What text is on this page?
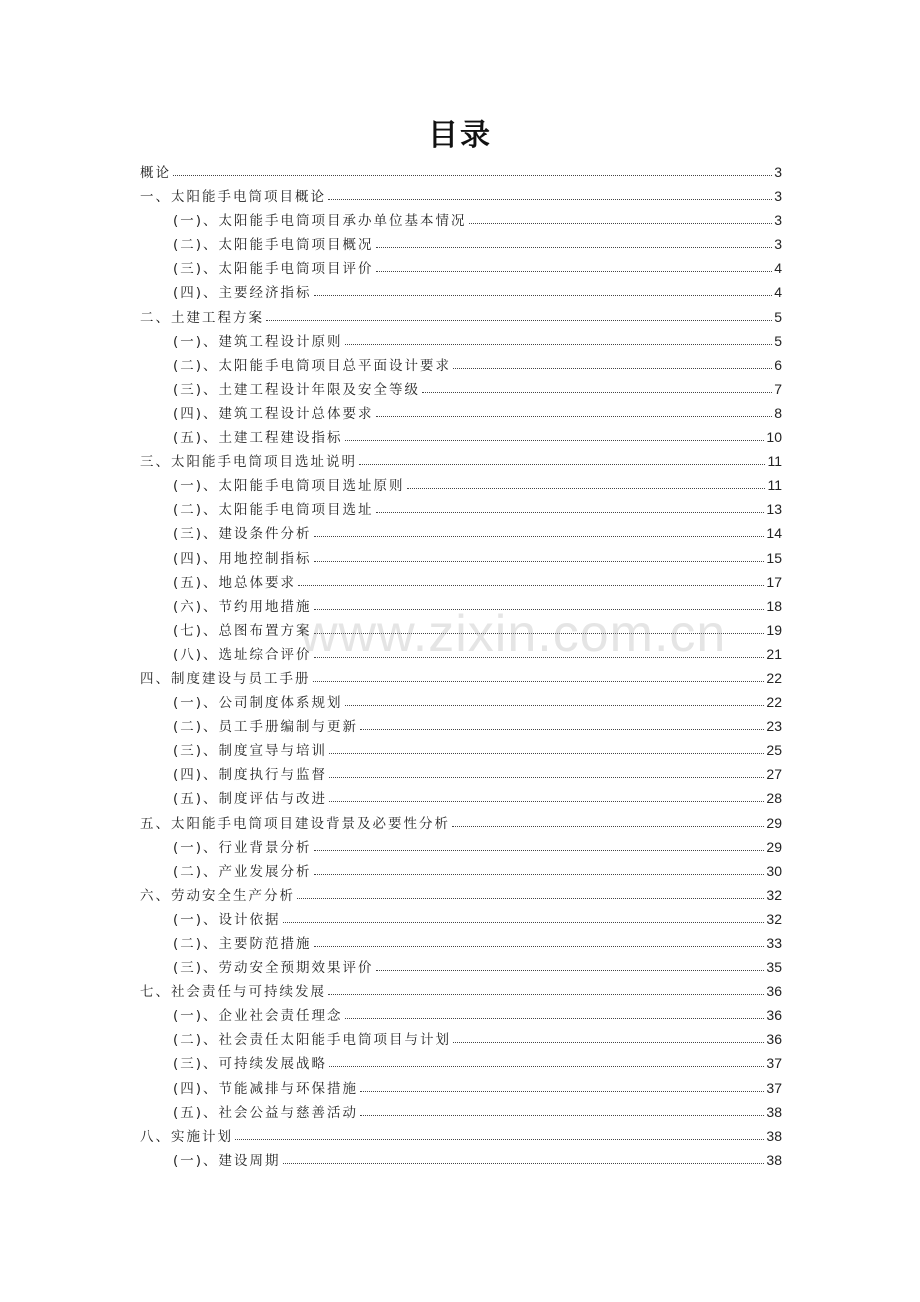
目录
概论	3
一、太阳能手电筒项目概论	3
(一)、太阳能手电筒项目承办单位基本情况	3
(二)、太阳能手电筒项目概况	3
(三)、太阳能手电筒项目评价	4
(四)、主要经济指标	4
二、土建工程方案	5
(一)、建筑工程设计原则	5
(二)、太阳能手电筒项目总平面设计要求	6
(三)、土建工程设计年限及安全等级	7
(四)、建筑工程设计总体要求	8
(五)、土建工程建设指标	10
三、太阳能手电筒项目选址说明	11
(一)、太阳能手电筒项目选址原则	11
(二)、太阳能手电筒项目选址	13
(三)、建设条件分析	14
(四)、用地控制指标	15
(五)、地总体要求	17
(六)、节约用地措施	18
(七)、总图布置方案	19
(八)、选址综合评价	21
四、制度建设与员工手册	22
(一)、公司制度体系规划	22
(二)、员工手册编制与更新	23
(三)、制度宣导与培训	25
(四)、制度执行与监督	27
(五)、制度评估与改进	28
五、太阳能手电筒项目建设背景及必要性分析	29
(一)、行业背景分析	29
(二)、产业发展分析	30
六、劳动安全生产分析	32
(一)、设计依据	32
(二)、主要防范措施	33
(三)、劳动安全预期效果评价	35
七、社会责任与可持续发展	36
(一)、企业社会责任理念	36
(二)、社会责任太阳能手电筒项目与计划	36
(三)、可持续发展战略	37
(四)、节能减排与环保措施	37
(五)、社会公益与慈善活动	38
八、实施计划	38
(一)、建设周期	38
www.zixin.com.cn
